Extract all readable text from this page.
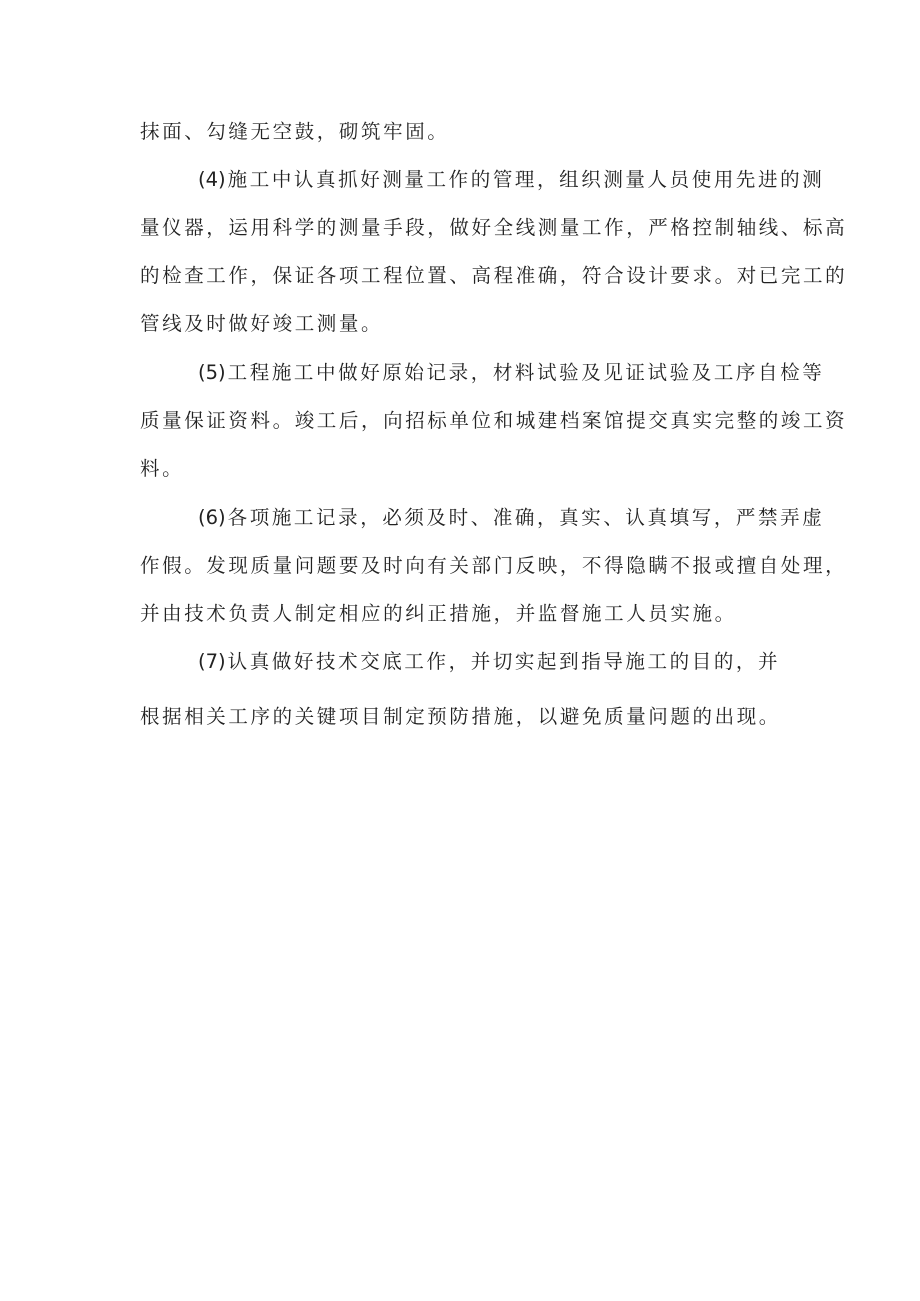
抹面、勾缝无空鼓，砌筑牢固。
(4) 施工中认真抓好测量工作的管理，组织测量人员使用先进的测
量仪器，运用科学的测量手段，做好全线测量工作，严格控制轴线、标高
的检查工作，保证各项工程位置、高程准确，符合设计要求。对已完工的
管线及时做好竣工测量。
(5) 工程施工中做好原始记录，材料试验及见证试验及工序自检等
质量保证资料。竣工后，向招标单位和城建档案馆提交真实完整的竣工资
料。
(6) 各项施工记录，必须及时、准确，真实、认真填写，严禁弄虚
作假。发现质量问题要及时向有关部门反映，不得隐瞒不报或擅自处理，
并由技术负责人制定相应的纠正措施，并监督施工人员实施。
(7) 认真做好技术交底工作，并切实起到指导施工的目的，并
根据相关工序的关键项目制定预防措施，以避免质量问题的出现。
